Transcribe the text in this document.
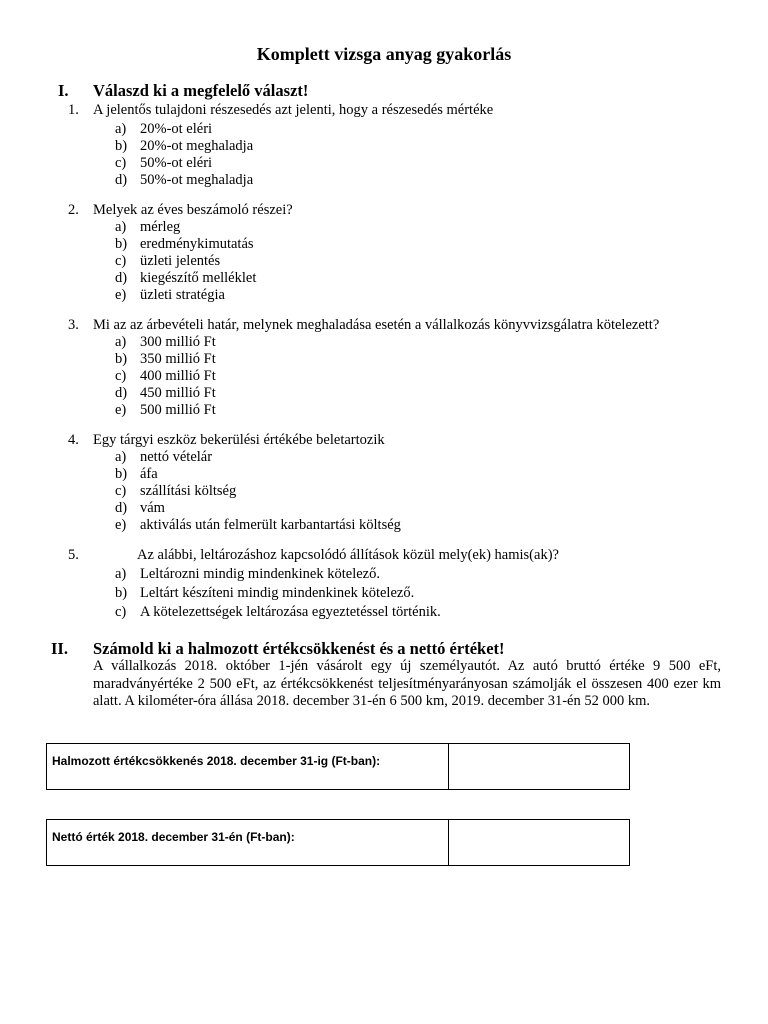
Komplett vizsga anyag gyakorlás
I. Válaszd ki a megfelelő választ!
1. A jelentős tulajdoni részesedés azt jelenti, hogy a részesedés mértéke
a) 20%-ot eléri
b) 20%-ot meghaladja
c) 50%-ot eléri
d) 50%-ot meghaladja
2. Melyek az éves beszámoló részei?
a) mérleg
b) eredménykimutatás
c) üzleti jelentés
d) kiegészítő melléklet
e) üzleti stratégia
3. Mi az az árbevételi határ, melynek meghaladása esetén a vállalkozás könyvvizsgálatra kötelezett?
a) 300 millió Ft
b) 350 millió Ft
c) 400 millió Ft
d) 450 millió Ft
e) 500 millió Ft
4. Egy tárgyi eszköz bekerülési értékébe beletartozik
a) nettó vételár
b) áfa
c) szállítási költség
d) vám
e) aktiválás után felmerült karbantartási költség
5.	Az alábbi, leltározáshoz kapcsolódó állítások közül mely(ek) hamis(ak)?
a) Leltározni mindig mindenkinek kötelező.
b) Leltárt készíteni mindig mindenkinek kötelező.
c) A kötelezettségek leltározása egyeztetéssel történik.
II. Számold ki a halmozott értékcsökkenést és a nettó értéket!
A vállalkozás 2018. október 1-jén vásárolt egy új személyautót. Az autó bruttó értéke 9 500 eFt, maradványértéke 2 500 eFt, az értékcsökkenést teljesítményarányosan számolják el összesen 400 ezer km alatt. A kilométer-óra állása 2018. december 31-én 6 500 km, 2019. december 31-én 52 000 km.
Halmozott értékcsökkenés 2018. december 31-ig (Ft-ban):
Nettó érték 2018. december 31-én (Ft-ban):
